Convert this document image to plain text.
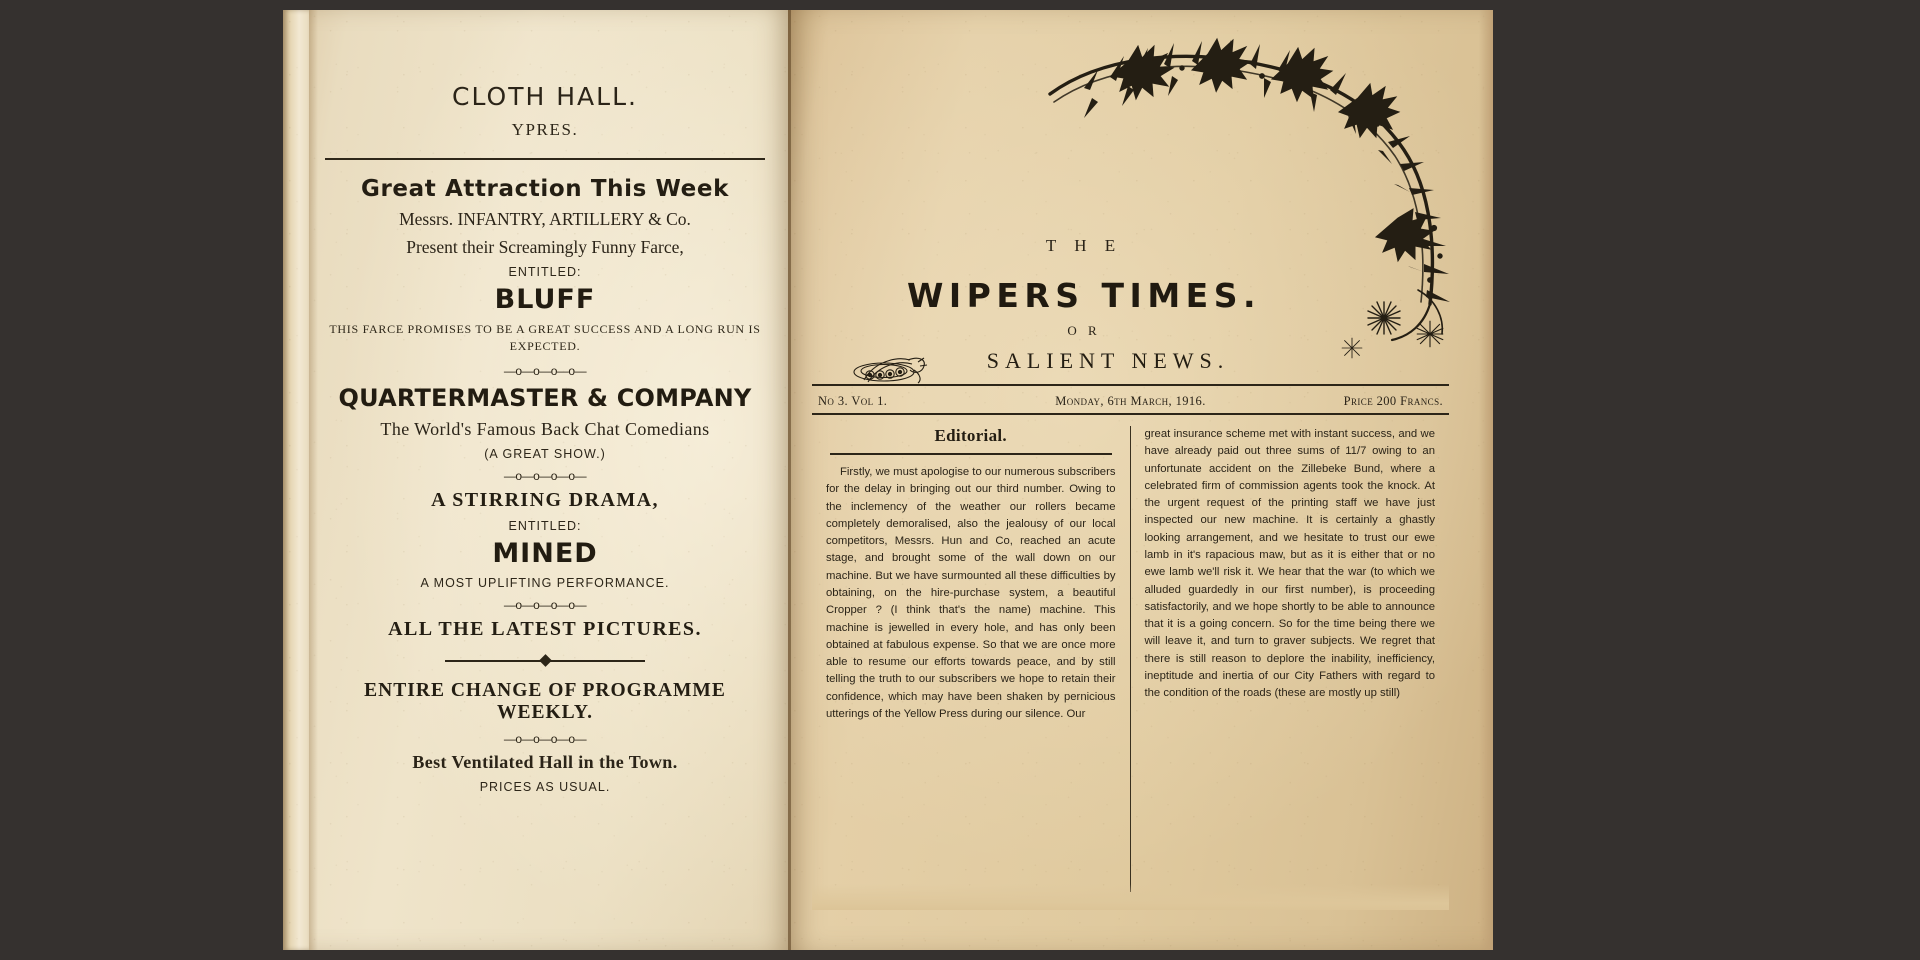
CLOTH HALL.
YPRES.
Great Attraction This Week
Messrs. INFANTRY, ARTILLERY & Co.
Present their Screamingly Funny Farce,
ENTITLED:
BLUFF
THIS FARCE PROMISES TO BE A GREAT SUCCESS AND A LONG RUN IS EXPECTED.
—o—o—o—o—
QUARTERMASTER & COMPANY
The World's Famous Back Chat Comedians
(A GREAT SHOW.)
—o—o—o—o—
A STIRRING DRAMA,
ENTITLED:
MINED
A MOST UPLIFTING PERFORMANCE.
—o—o—o—o—
ALL THE LATEST PICTURES.
ENTIRE CHANGE OF PROGRAMME WEEKLY.
—o—o—o—o—
Best Ventilated Hall in the Town.
PRICES AS USUAL.
T H E
WIPERS TIMES.
O R
SALIENT NEWS.
No 3. Vol 1.	Monday, 6th March, 1916.	Price 200 Francs.
Editorial.
Firstly, we must apologise to our numerous subscribers for the delay in bringing out our third number. Owing to the inclemency of the weather our rollers became completely demoralised, also the jealousy of our local competitors, Messrs. Hun and Co, reached an acute stage, and brought some of the wall down on our machine. But we have surmounted all these difficulties by obtaining, on the hire-purchase system, a beautiful Cropper ? (I think that's the name) machine. This machine is jewelled in every hole, and has only been obtained at fabulous expense. So that we are once more able to resume our efforts towards peace, and by still telling the truth to our subscribers we hope to retain their confidence, which may have been shaken by pernicious utterings of the Yellow Press during our silence. Our
great insurance scheme met with instant success, and we have already paid out three sums of 11/7 owing to an unfortunate accident on the Zillebeke Bund, where a celebrated firm of commission agents took the knock. At the urgent request of the printing staff we have just inspected our new machine. It is certainly a ghastly looking arrangement, and we hesitate to trust our ewe lamb in it's rapacious maw, but as it is either that or no ewe lamb we'll risk it. We hear that the war (to which we alluded guardedly in our first number), is proceeding satisfactorily, and we hope shortly to be able to announce that it is a going concern. So for the time being there we will leave it, and turn to graver subjects. We regret that there is still reason to deplore the inability, inefficiency, ineptitude and inertia of our City Fathers with regard to the condition of the roads (these are mostly up still)
